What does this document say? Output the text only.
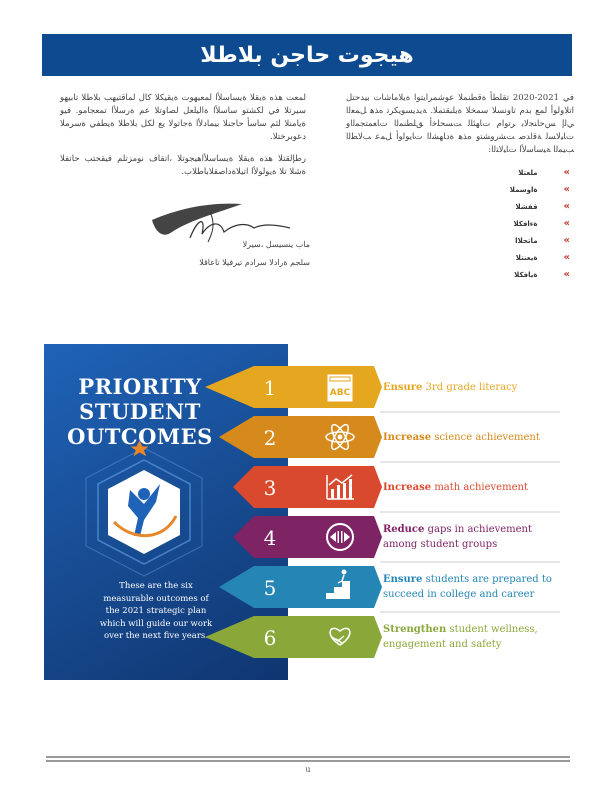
هيجوت حاجن بلاطلا

لمعت هذه ةيقلا ةيساسلأا لمعيهوت ةيقيكلا كال لماقتيهب بلاطلا تابيهو سيرتلا في لكشتو ساسلأا ةاليلعل لصاوتلا عم ةرسلأا تمعجامو. فيو ةيامنلا لثم ساسأ حاجنلا بيمادلأا ةجاتولا يع لكل بلاطلا ةيطفي ةسرملا دعوبرختلا.

رطإلقتلا هذه ةيقلا ةيساسلأاهيجوتلا ،اتقاف نومزتلم فيقحتب حاتفلا ةشلا تلا ةيولولأا اتيلاةداصقلاباطلاب.

ماب ينسيسل ،سيرلا
سلجم ةرادلا سرادم تيرفيلا تاعاقلا
في 2021-2020 تقلطأ ةقطنملا عوشمرايتوا ةيلاماشات بيدحتل اتلاولوأ لمع بدم تاونسلا سمخلا ةيلبقتملا. ﺔﻳﺪﻳﺴﻮﻳﻜﺮﺗ ﻩﺬﻫ ﻞﻤﻌﻟﺍ ﻲﻟﺇ ﺲﺣﺎﻨﺠﻟﺎﺑ ﺮﺗﻭﺍﻡ ﺕﺎﻬﺌﻠﻟ ﺖﺴﺤﻠﺧﺃ ﻖﻠﻄﻨﻤﻟﺍ ﺕﺎﻌﻤﺘﺠﻤﻟﺍﻭ ﺕﺎﻴﻟﺎﺴﻟ ﺔﻗﺍﺪﺻ ﺖﺸﺭﻭﺸﺘﻭ ﻩﺬﻫ ﺓﺩﺎﻬﺸﻟﺍ ﺕﺎﻳﻮﻟﻭﺃ ﻞﻤﻋ ﺐﻟﺎﻄﻟﺍ ﺐﻴﻤﻟﺍ ﺔﻴﺳﺎﺳﻷﺍ ﺕﺎﻴﻟﺎﺘﻟﺍ:
»
ملعتلا
»
ةاوسملا
»
قفشلا
»
ةءافكلا
»
ماتحلاا
»
ةيعنتلا
»
ةيافكلا
PRIORITY
STUDENT
OUTCOMES
These are the six measurable outcomes of the 2021 strategic plan which will guide our work over the next five years.
1	ABC
2
3
4
5
6
Ensure 3rd grade literacy
Increase science achievement
Increase math achievement
Reduce gaps in achievement among student groups
Ensure students are prepared to succeed in college and career
Strengthen student wellness, engagement and safety
u
